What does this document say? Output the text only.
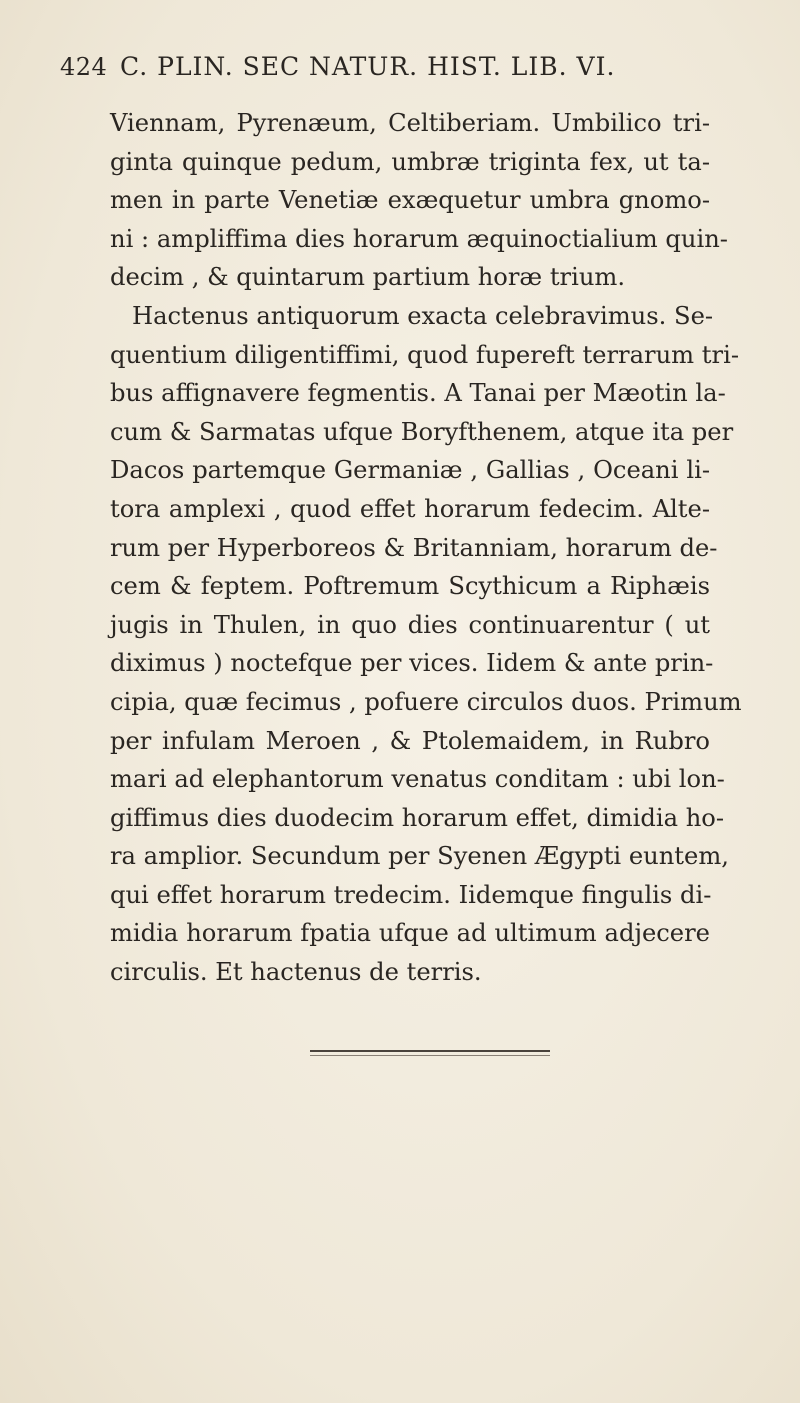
424 C. PLIN. SEC NATUR. HIST. LIB. VI.
Viennam, Pyrenæum, Celtiberiam. Umbilico tri-
ginta quinque pedum, umbræ triginta fex, ut ta-
men in parte Venetiæ exæquetur umbra gnomo-
ni : ampliffima dies horarum æquinoctialium quin-
decim , & quintarum partium horæ trium.
Hactenus antiquorum exacta celebravimus. Se-
quentium diligentiffimi, quod fupereft terrarum tri-
bus affignavere fegmentis. A Tanai per Mæotin la-
cum & Sarmatas ufque Boryfthenem, atque ita per
Dacos partemque Germaniæ , Gallias , Oceani li-
tora amplexi , quod effet horarum fedecim. Alte-
rum per Hyperboreos & Britanniam, horarum de-
cem & feptem. Poftremum Scythicum a Riphæis
jugis in Thulen, in quo dies continuarentur ( ut
diximus ) noctefque per vices. Iidem & ante prin-
cipia, quæ fecimus , pofuere circulos duos. Primum
per infulam Meroen , & Ptolemaidem, in Rubro
mari ad elephantorum venatus conditam : ubi lon-
giffimus dies duodecim horarum effet, dimidia ho-
ra amplior. Secundum per Syenen Ægypti euntem,
qui effet horarum tredecim. Iidemque fingulis di-
midia horarum fpatia ufque ad ultimum adjecere
circulis. Et hactenus de terris.
